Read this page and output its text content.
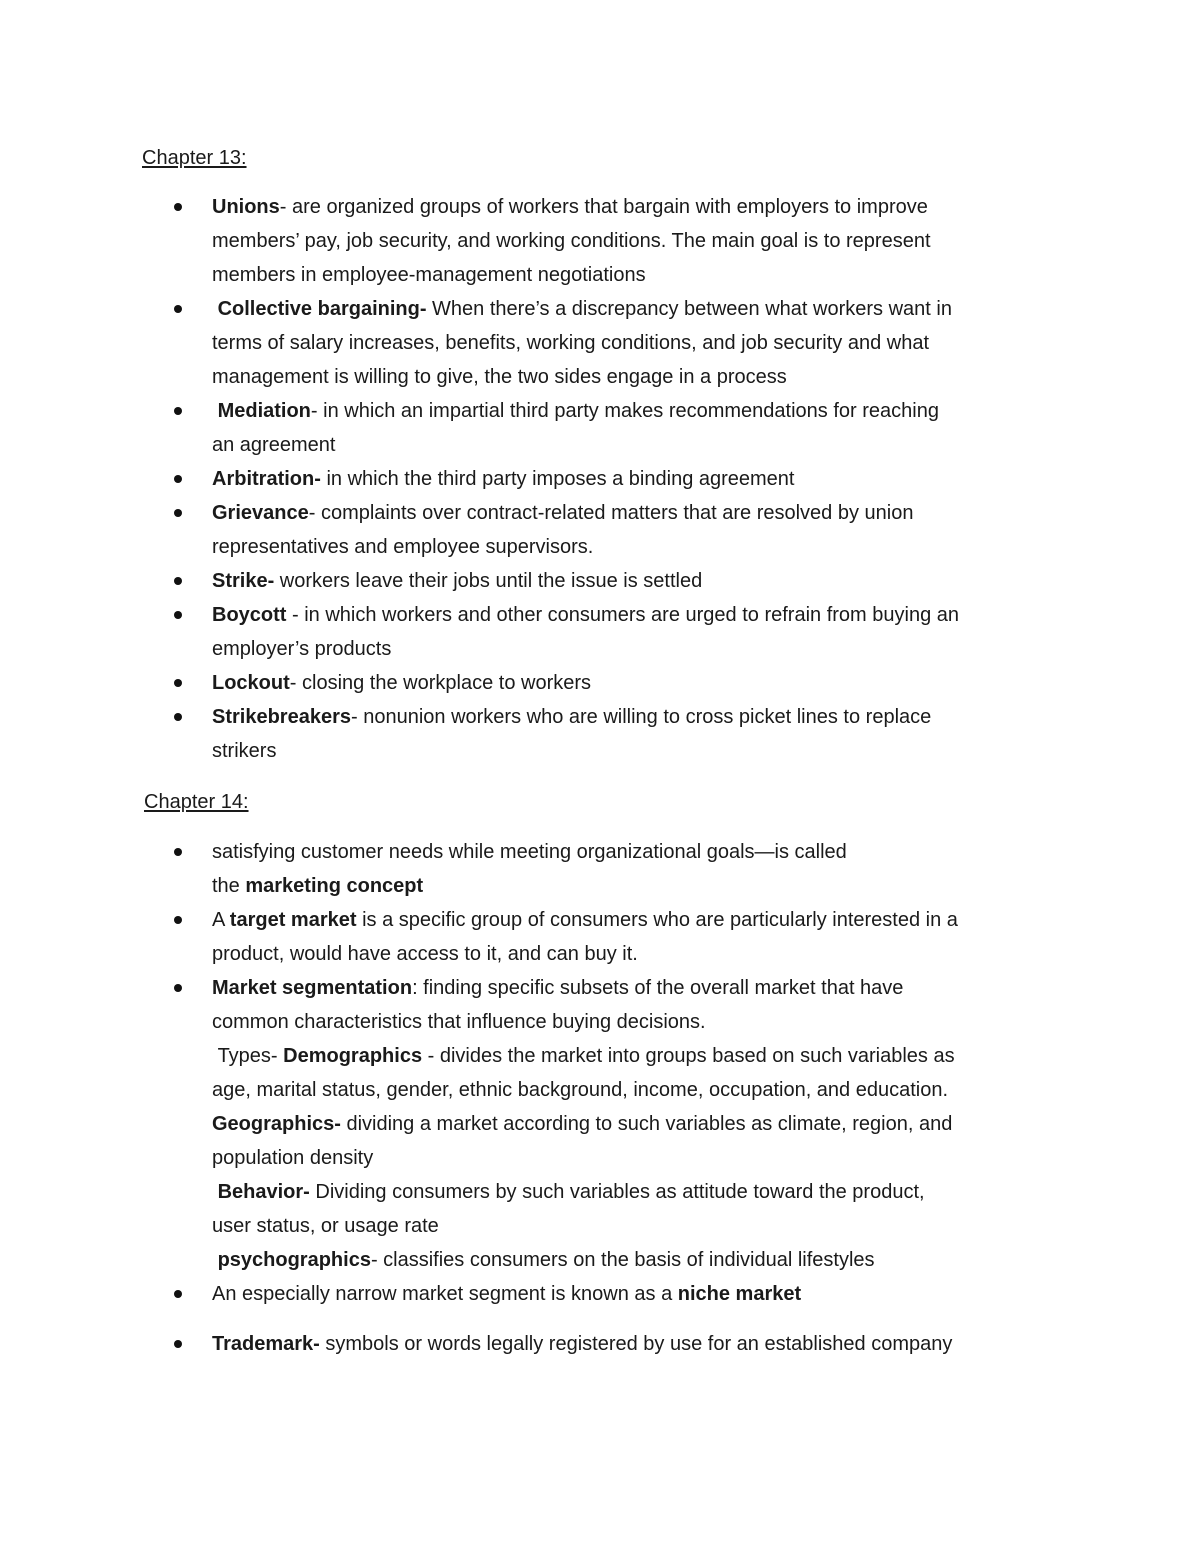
Chapter 13:
Unions- are organized groups of workers that bargain with employers to improve
members’ pay, job security, and working conditions. The main goal is to represent
members in employee-management negotiations
Collective bargaining- When there’s a discrepancy between what workers want in
terms of salary increases, benefits, working conditions, and job security and what
management is willing to give, the two sides engage in a process
Mediation- in which an impartial third party makes recommendations for reaching
an agreement
Arbitration- in which the third party imposes a binding agreement
Grievance- complaints over contract-related matters that are resolved by union
representatives and employee supervisors.
Strike- workers leave their jobs until the issue is settled
Boycott - in which workers and other consumers are urged to refrain from buying an
employer’s products
Lockout- closing the workplace to workers
Strikebreakers- nonunion workers who are willing to cross picket lines to replace
strikers
Chapter 14:
satisfying customer needs while meeting organizational goals—is called
the marketing concept
A target market is a specific group of consumers who are particularly interested in a
product, would have access to it, and can buy it.
Market segmentation: finding specific subsets of the overall market that have
common characteristics that influence buying decisions.
Types- Demographics - divides the market into groups based on such variables as
age, marital status, gender, ethnic background, income, occupation, and education.
Geographics- dividing a market according to such variables as climate, region, and
population density
Behavior- Dividing consumers by such variables as attitude toward the product,
user status, or usage rate
psychographics- classifies consumers on the basis of individual lifestyles
An especially narrow market segment is known as a niche market
Trademark- symbols or words legally registered by use for an established company
